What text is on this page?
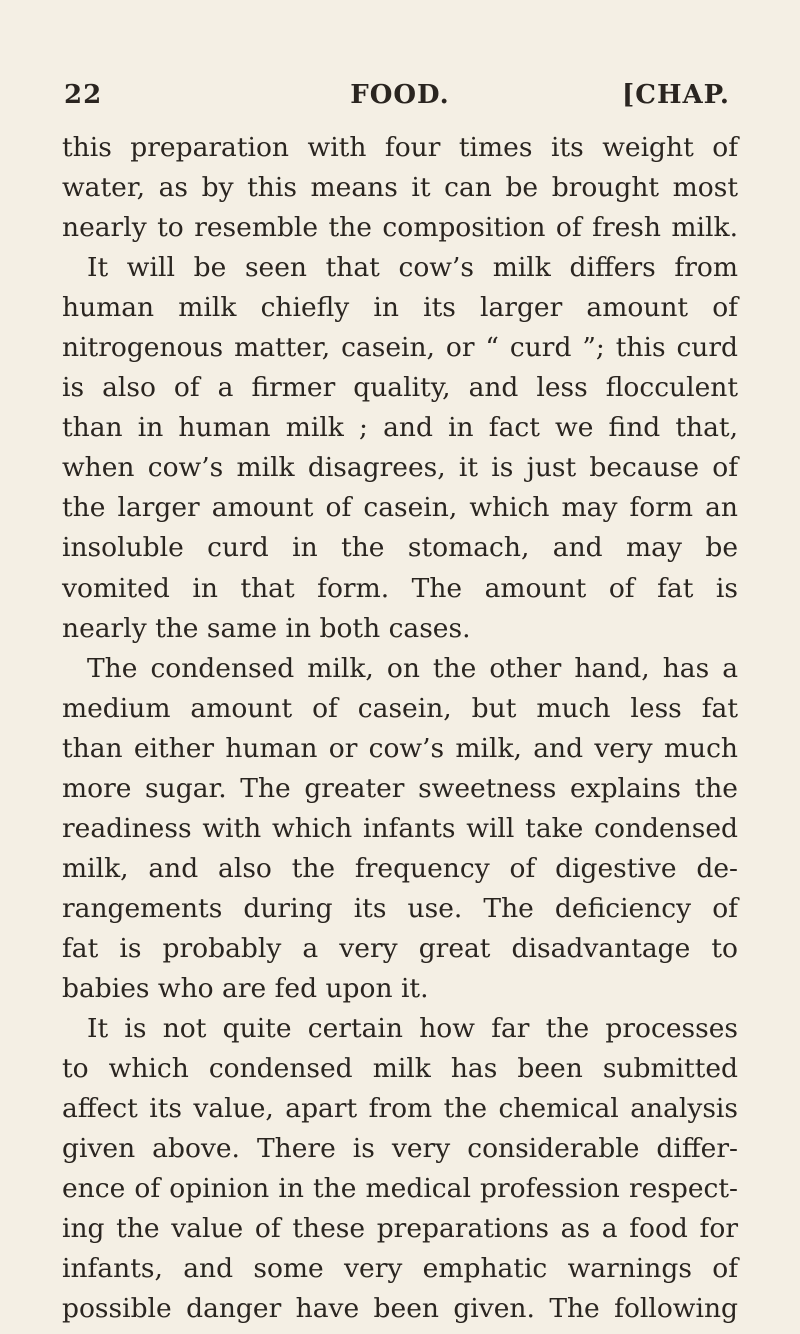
22	FOOD.	[CHAP.
this preparation with four times its weight of
water, as by this means it can be brought most
nearly to resemble the composition of fresh milk.
It will be seen that cow’s milk differs from
human milk chiefly in its larger amount of
nitrogenous matter, casein, or “ curd ”; this curd
is also of a firmer quality, and less flocculent
than in human milk ; and in fact we find that,
when cow’s milk disagrees, it is just because of
the larger amount of casein, which may form an
insoluble curd in the stomach, and may be
vomited in that form. The amount of fat is
nearly the same in both cases.
The condensed milk, on the other hand, has a
medium amount of casein, but much less fat
than either human or cow’s milk, and very much
more sugar. The greater sweetness explains the
readiness with which infants will take condensed
milk, and also the frequency of digestive de-
rangements during its use. The deficiency of
fat is probably a very great disadvantage to
babies who are fed upon it.
It is not quite certain how far the processes
to which condensed milk has been submitted
affect its value, apart from the chemical analysis
given above. There is very considerable differ-
ence of opinion in the medical profession respect-
ing the value of these preparations as a food for
infants, and some very emphatic warnings of
possible danger have been given. The following
